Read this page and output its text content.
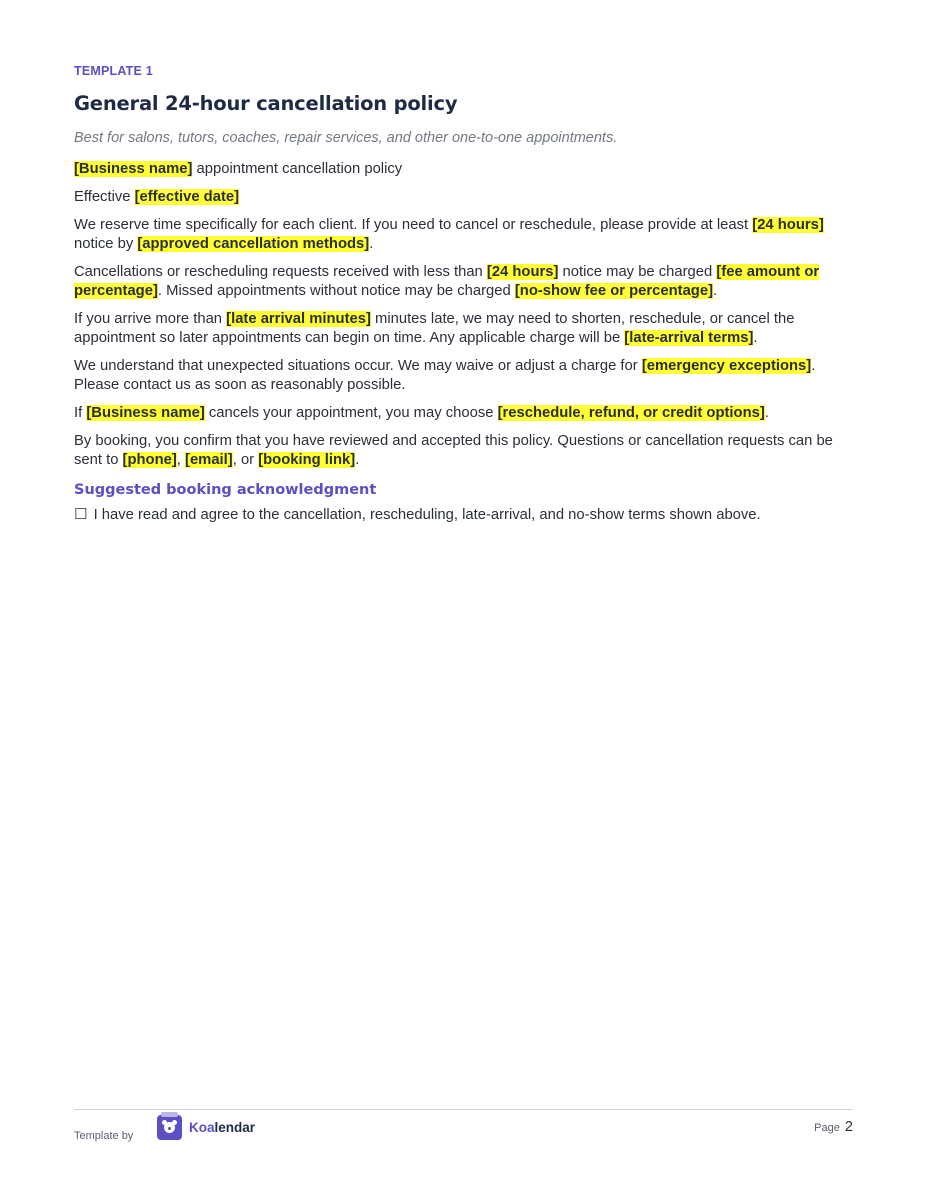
TEMPLATE 1
General 24-hour cancellation policy
Best for salons, tutors, coaches, repair services, and other one-to-one appointments.

[Business name] appointment cancellation policy

Effective [effective date]

We reserve time specifically for each client. If you need to cancel or reschedule, please provide at least [24 hours] notice by [approved cancellation methods].

Cancellations or rescheduling requests received with less than [24 hours] notice may be charged [fee amount or percentage]. Missed appointments without notice may be charged [no-show fee or percentage].

If you arrive more than [late arrival minutes] minutes late, we may need to shorten, reschedule, or cancel the appointment so later appointments can begin on time. Any applicable charge will be [late-arrival terms].

We understand that unexpected situations occur. We may waive or adjust a charge for [emergency exceptions]. Please contact us as soon as reasonably possible.

If [Business name] cancels your appointment, you may choose [reschedule, refund, or credit options].

By booking, you confirm that you have reviewed and accepted this policy. Questions or cancellation requests can be sent to [phone], [email], or [booking link].

Suggested booking acknowledgment

☐ I have read and agree to the cancellation, rescheduling, late-arrival, and no-show terms shown above.

Template by
Koalendar	Page 2
